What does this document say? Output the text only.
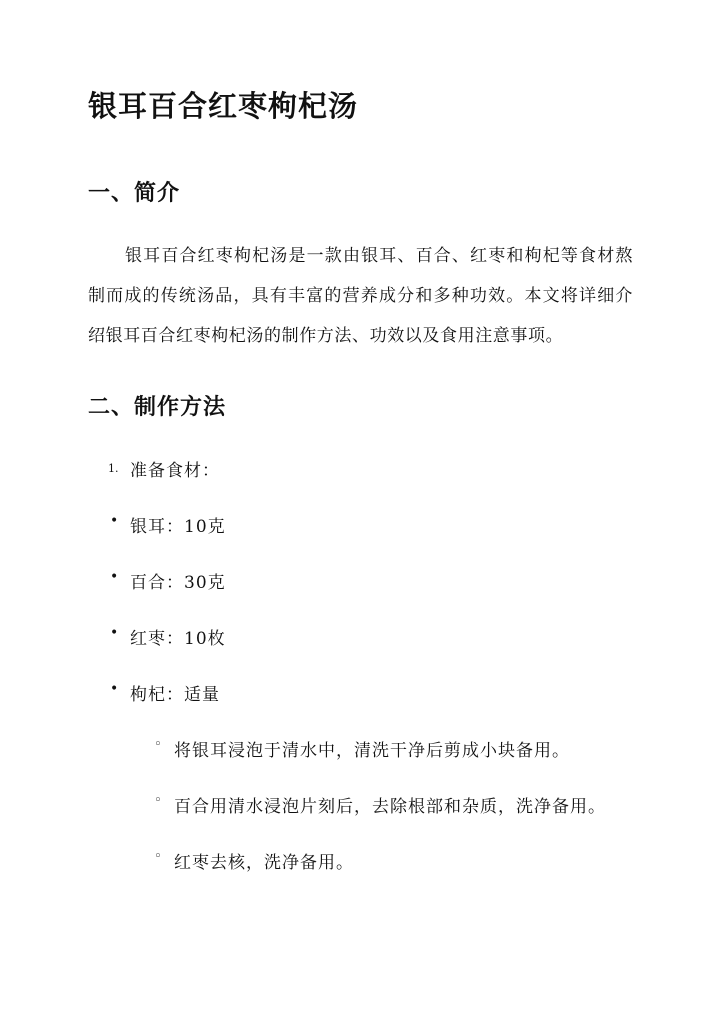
银耳百合红枣枸杞汤
一、简介
银耳百合红枣枸杞汤是一款由银耳、百合、红枣和枸杞等食材熬制而成的传统汤品，具有丰富的营养成分和多种功效。本文将详细介绍银耳百合红枣枸杞汤的制作方法、功效以及食用注意事项。
二、制作方法
1. 准备食材：
• 银耳：10克
• 百合：30克
• 红枣：10枚
• 枸杞：适量
◦ 将银耳浸泡于清水中，清洗干净后剪成小块备用。
◦ 百合用清水浸泡片刻后，去除根部和杂质，洗净备用。
◦ 红枣去核，洗净备用。
